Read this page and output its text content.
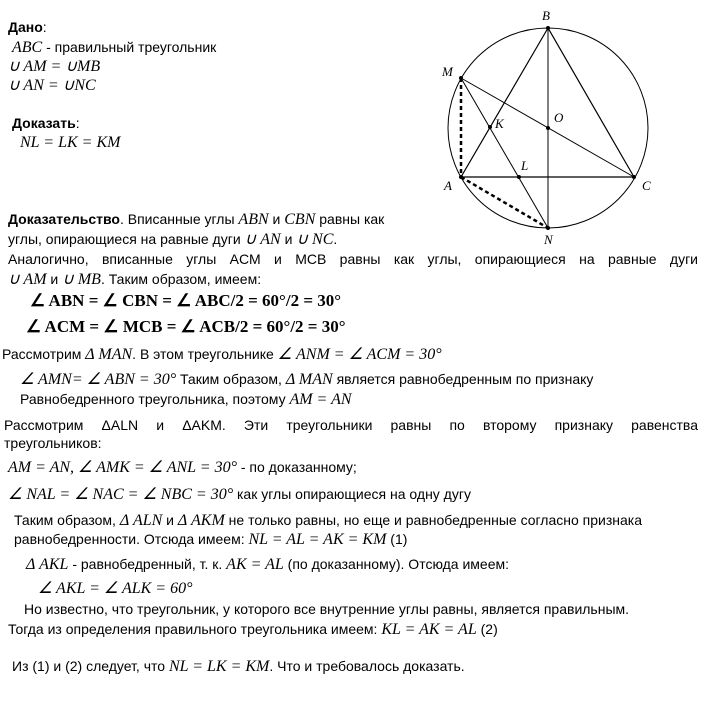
Дано:
ABC - правильный треугольник
∪ AM = ∪MB
∪ AN = ∪NC
Доказать:
NL = LK = KM
B
M
O
K
L
A	C
N
Доказательство. Вписанные углы ABN и CBN равны как
углы, опирающиеся на равные дуги ∪ AN и ∪ NC.
Аналогично, вписанные углы ACM и MCB равны как углы, опирающиеся на равные дуги
∪ AM и ∪ MB. Таким образом, имеем:
∠ ABN = ∠ CBN = ∠ ABC/2 = 60°/2 = 30°
∠ ACM = ∠ MCB = ∠ ACB/2 = 60°/2 = 30°
Рассмотрим Δ MAN. В этом треугольнике ∠ ANM = ∠ ACM = 30°
∠ AMN= ∠ ABN = 30° Таким образом, Δ MAN является равнобедренным по признаку
Равнобедренного треугольника, поэтому AM = AN
Рассмотрим ΔALN и ΔAKM. Эти треугольники равны по второму признаку равенства
треугольников:
AM = AN, ∠ AMK = ∠ ANL = 30° - по доказанному;
∠ NAL = ∠ NAC = ∠ NBC = 30° как углы опирающиеся на одну дугу
Таким образом, Δ ALN и Δ AKM не только равны, но еще и равнобедренные согласно признака
равнобедренности. Отсюда имеем: NL = AL = AK = KM (1)
Δ AKL - равнобедренный, т. к. AK = AL (по доказанному). Отсюда имеем:
∠ AKL = ∠ ALK = 60°
Но известно, что треугольник, у которого все внутренние углы равны, является правильным.
Тогда из определения правильного треугольника имеем: KL = AK = AL (2)
Из (1) и (2) следует, что NL = LK = KM. Что и требовалось доказать.
